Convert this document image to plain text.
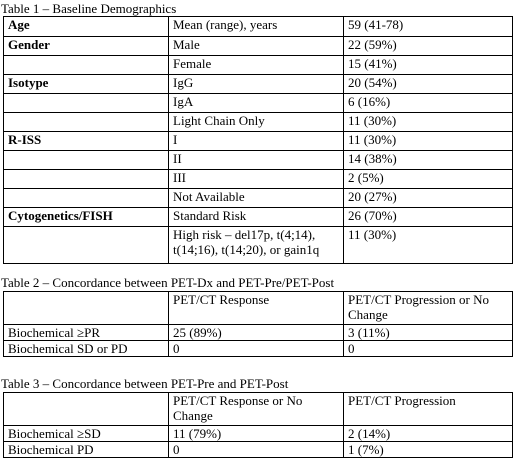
Table 1 – Baseline Demographics
Age	Mean (range), years	59 (41-78)
Gender	Male	22 (59%)
	Female	15 (41%)
Isotype	IgG	20 (54%)
	IgA	6 (16%)
	Light Chain Only	11 (30%)
R-ISS	I	11 (30%)
	II	14 (38%)
	III	2 (5%)
	Not Available	20 (27%)
Cytogenetics/FISH	Standard Risk	26 (70%)
	High risk – del17p, t(4;14), t(14;16), t(14;20), or gain1q	11 (30%)
Table 2 – Concordance between PET-Dx and PET-Pre/PET-Post
	PET/CT Response	PET/CT Progression or No Change
Biochemical ≥PR	25 (89%)	3 (11%)
Biochemical SD or PD	0	0
Table 3 – Concordance between PET-Pre and PET-Post
	PET/CT Response or No Change	PET/CT Progression
Biochemical ≥SD	11 (79%)	2 (14%)
Biochemical PD	0	1 (7%)
